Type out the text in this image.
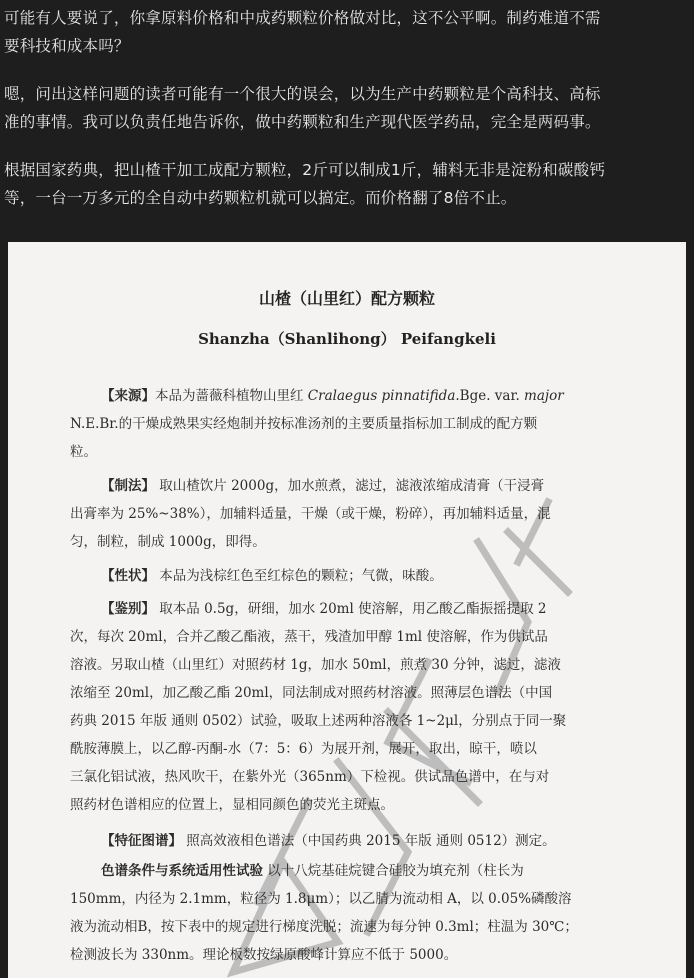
可能有人要说了，你拿原料价格和中成药颗粒价格做对比，这不公平啊。制药难道不需

要科技和成本吗？

嗯，问出这样问题的读者可能有一个很大的误会，以为生产中药颗粒是个高科技、高标

准的事情。我可以负责任地告诉你，做中药颗粒和生产现代医学药品，完全是两码事。

根据国家药典，把山楂干加工成配方颗粒，2斤可以制成1斤，辅料无非是淀粉和碳酸钙

等，一台一万多元的全自动中药颗粒机就可以搞定。而价格翻了8倍不止。

山楂（山里红）配方颗粒
Shanzha（Shanlihong） Peifangkeli
【来源】本品为蔷薇科植物山里红 Cralaegus pinnatifida.Bge. var. major
N.E.Br.的干燥成熟果实经炮制并按标准汤剂的主要质量指标加工制成的配方颗
粒。
【制法】 取山楂饮片 2000g，加水煎煮，滤过，滤液浓缩成清膏（干浸膏
出膏率为 25%~38%），加辅料适量，干燥（或干燥，粉碎），再加辅料适量，混
匀，制粒，制成 1000g，即得。
【性状】 本品为浅棕红色至红棕色的颗粒；气微，味酸。
【鉴别】 取本品 0.5g，研细，加水 20ml 使溶解，用乙酸乙酯振摇提取 2
次，每次 20ml，合并乙酸乙酯液，蒸干，残渣加甲醇 1ml 使溶解，作为供试品
溶液。另取山楂（山里红）对照药材 1g，加水 50ml，煎煮 30 分钟，滤过，滤液
浓缩至 20ml，加乙酸乙酯 20ml，同法制成对照药材溶液。照薄层色谱法（中国
药典 2015 年版 通则 0502）试验，吸取上述两种溶液各 1~2μl，分别点于同一聚
酰胺薄膜上，以乙醇-丙酮-水（7：5：6）为展开剂，展开，取出，晾干，喷以
三氯化铝试液，热风吹干，在紫外光（365nm）下检视。供试品色谱中，在与对
照药材色谱相应的位置上，显相同颜色的荧光主斑点。
【特征图谱】 照高效液相色谱法（中国药典 2015 年版 通则 0512）测定。
色谱条件与系统适用性试验 以十八烷基硅烷键合硅胶为填充剂（柱长为
150mm，内径为 2.1mm，粒径为 1.8μm）；以乙腈为流动相 A，以 0.05%磷酸溶
液为流动相B，按下表中的规定进行梯度洗脱；流速为每分钟 0.3ml；柱温为 30℃；
检测波长为 330nm。理论板数按绿原酸峰计算应不低于 5000。
